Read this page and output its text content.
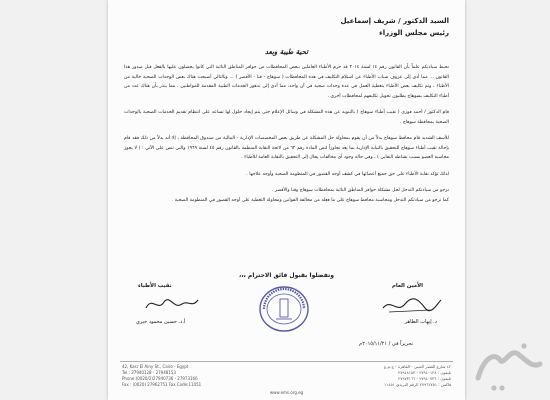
السيد الدكتور / شريف إسماعيل
رئيس مجلس الوزراء
تحية طيبة وبعد

نحيط سيادتكم علماً بأن القانون رقم ١٤ لسنة ٢٠١٤ قد حرم الأطباء العاملين ببعض المحافظات من حوافز المناطق النائية التي كانوا يحصلون عليها بالفعل قبل صدور هذا القانون ... مما أدى إلى عزوف شباب الأطباء عن استلام التكليف في هذه المحافظات ( سوهاج - قنا - الأقصر ) ... وبالتالي أصبحت هناك بعض الوحدات الصحية خالية من الأطباء ، وتم تكليف بعض الأطباء بتغطية العمل في عدة وحدات صحية في آن واحد، مما أدى إلى تدهور الخدمات الطبية المقدمة للمواطنين ، مما ينذر بأن هناك عدد من أطباء التكليف بسوهاج يطلبون تحويل تكليفهم لمحافظات أخرى .

قام الدكتور / أحمد فوزي ( نقيب أطباء سوهاج ) بالتنويه عن هذه المشكلة في وسائل الإعلام حتى يتم إيجاد حلول لها تساعد على انتظام تقديم الخدمات الصحية بالوحدات الصحية بمحافظة سوهاج .

للأسف الشديد قام محافظ سوهاج بدلاً من أن يقوم بمحاولة حل المشكلة عن طريق بعض المخصصات الإدارية - المالية من صندوق المحافظة ، إلا أنه بدلاً من ذلك فقد قام بإحالة نقيب أطباء سوهاج للتحقيق بالنيابة الإدارية بما يعد تجاوزاً لنص المادة رقم ٦٢ من لائحة النقابة المنظمة بالقانون رقم ٤٥ لسنة ١٩٦٩ والتي تنص على الآتي : ( لا يجوز محاسبة العضو بسبب نشاطه النقابي ) ، وفي حالة وجود أي مخالفات يحال إلى التحقيق بالنقابة العامة للأطباء .

لذلك تؤكد نقابة الأطباء على حق جميع أعضائها في كشف أوجه القصور في المنظومة الصحية وأوجه علاجها .

نرجو من سيادتكم التدخل لحل مشكلة حوافز المناطق النائية بمحافظات سوهاج وقنا والأقصر .

كما نرجو من سيادتكم التدخل ومحاسبة محافظ سوهاج على ما فعله من مخالفة القوانين ومحاولة التغطية على أوجه القصور في المنظومة الصحية .

وتفضلوا بقبول فائق الاحترام ،،،
الأمين العام
نقيب الأطباء
د. إيهاب الطاهر
أ.د. حسين محمود خيري
تحريراً في / ٢٠١٥/١١/٢١م
42, Kasr El Ainy St., Cairo - Egypt
Tel.: 27940128 - 27948153
Phone:(0020/2)27940736 - 27973166
Fax : (0020) 27962751 Fax Code:11451
٤٢ شارع القصر العيني - القاهرة - ج.م.ع
تليفون : ٢٧٩٤٠١٢٨ - ٢٧٩٤٨١٥٣
تليفون : ٢٧٩٤٠٧٣٦ - ٢٧٩٧٣١٦٦
فاكس : ٢٧٩٦٢٧٥١ الرقم البريدي ١١٤٥١
www.ems.org.eg
